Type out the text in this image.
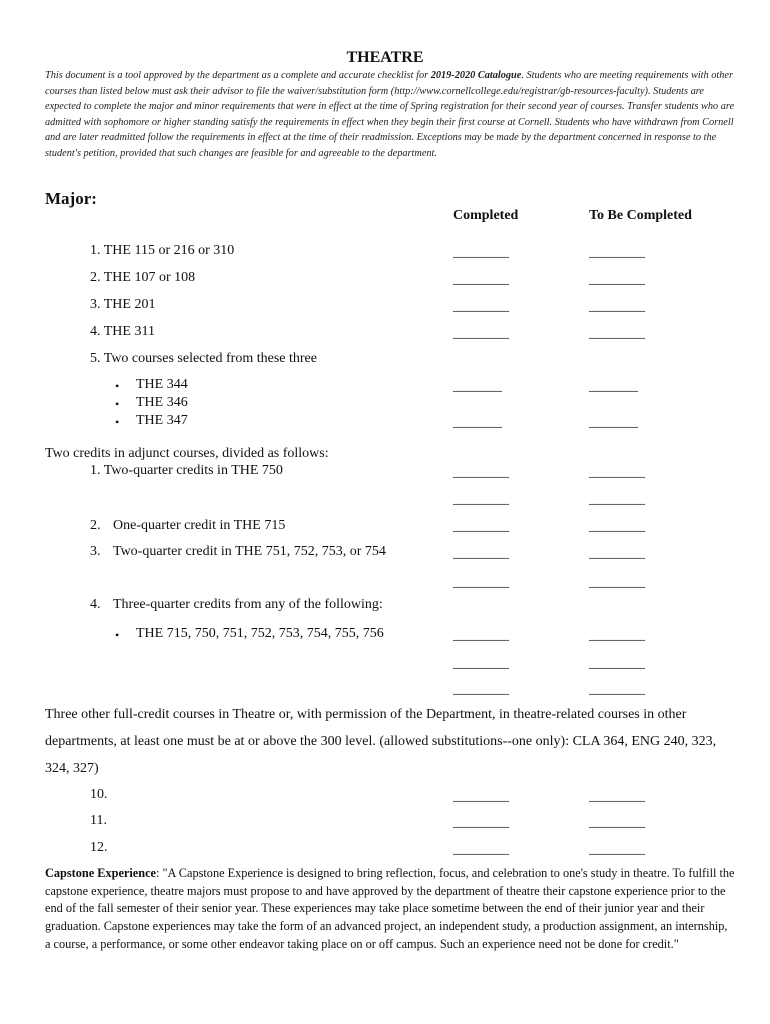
THEATRE
This document is a tool approved by the department as a complete and accurate checklist for 2019-2020 Catalogue. Students who are meeting requirements with other courses than listed below must ask their advisor to file the waiver/substitution form (http://www.cornellcollege.edu/registrar/gb-resources-faculty). Students are expected to complete the major and minor requirements that were in effect at the time of Spring registration for their second year of courses. Transfer students who are admitted with sophomore or higher standing satisfy the requirements in effect when they begin their first course at Cornell. Students who have withdrawn from Cornell and are later readmitted follow the requirements in effect at the time of their readmission. Exceptions may be made by the department concerned in response to the student's petition, provided that such changes are feasible for and agreeable to the department.
Major:
Completed	To Be Completed
1. THE 115 or 216 or 310
2. THE 107 or 108
3. THE 201
4. THE 311
5. Two courses selected from these three
• THE 344
• THE 346
• THE 347
Two credits in adjunct courses, divided as follows:
1. Two-quarter credits in THE 750
2. One-quarter credit in THE 715
3. Two-quarter credit in THE 751, 752, 753, or 754
4. Three-quarter credits from any of the following:
• THE 715, 750, 751, 752, 753, 754, 755, 756
Three other full-credit courses in Theatre or, with permission of the Department, in theatre-related courses in other departments, at least one must be at or above the 300 level. (allowed substitutions--one only): CLA 364, ENG 240, 323, 324, 327)
10.
11.
12.
________
________
________
________
_______
_______
________
________
________
________
________
________
________
________
________
________
________
________
________
________
________
_______
_______
________
________
________
________
________
________
________
________
________
________
________
Capstone Experience: "A Capstone Experience is designed to bring reflection, focus, and celebration to one's study in theatre. To fulfill the capstone experience, theatre majors must propose to and have approved by the department of theatre their capstone experience prior to the end of the fall semester of their senior year. These experiences may take place sometime between the end of their junior year and their graduation. Capstone experiences may take the form of an advanced project, an independent study, a production assignment, an internship, a course, a performance, or some other endeavor taking place on or off campus. Such an experience need not be done for credit."
